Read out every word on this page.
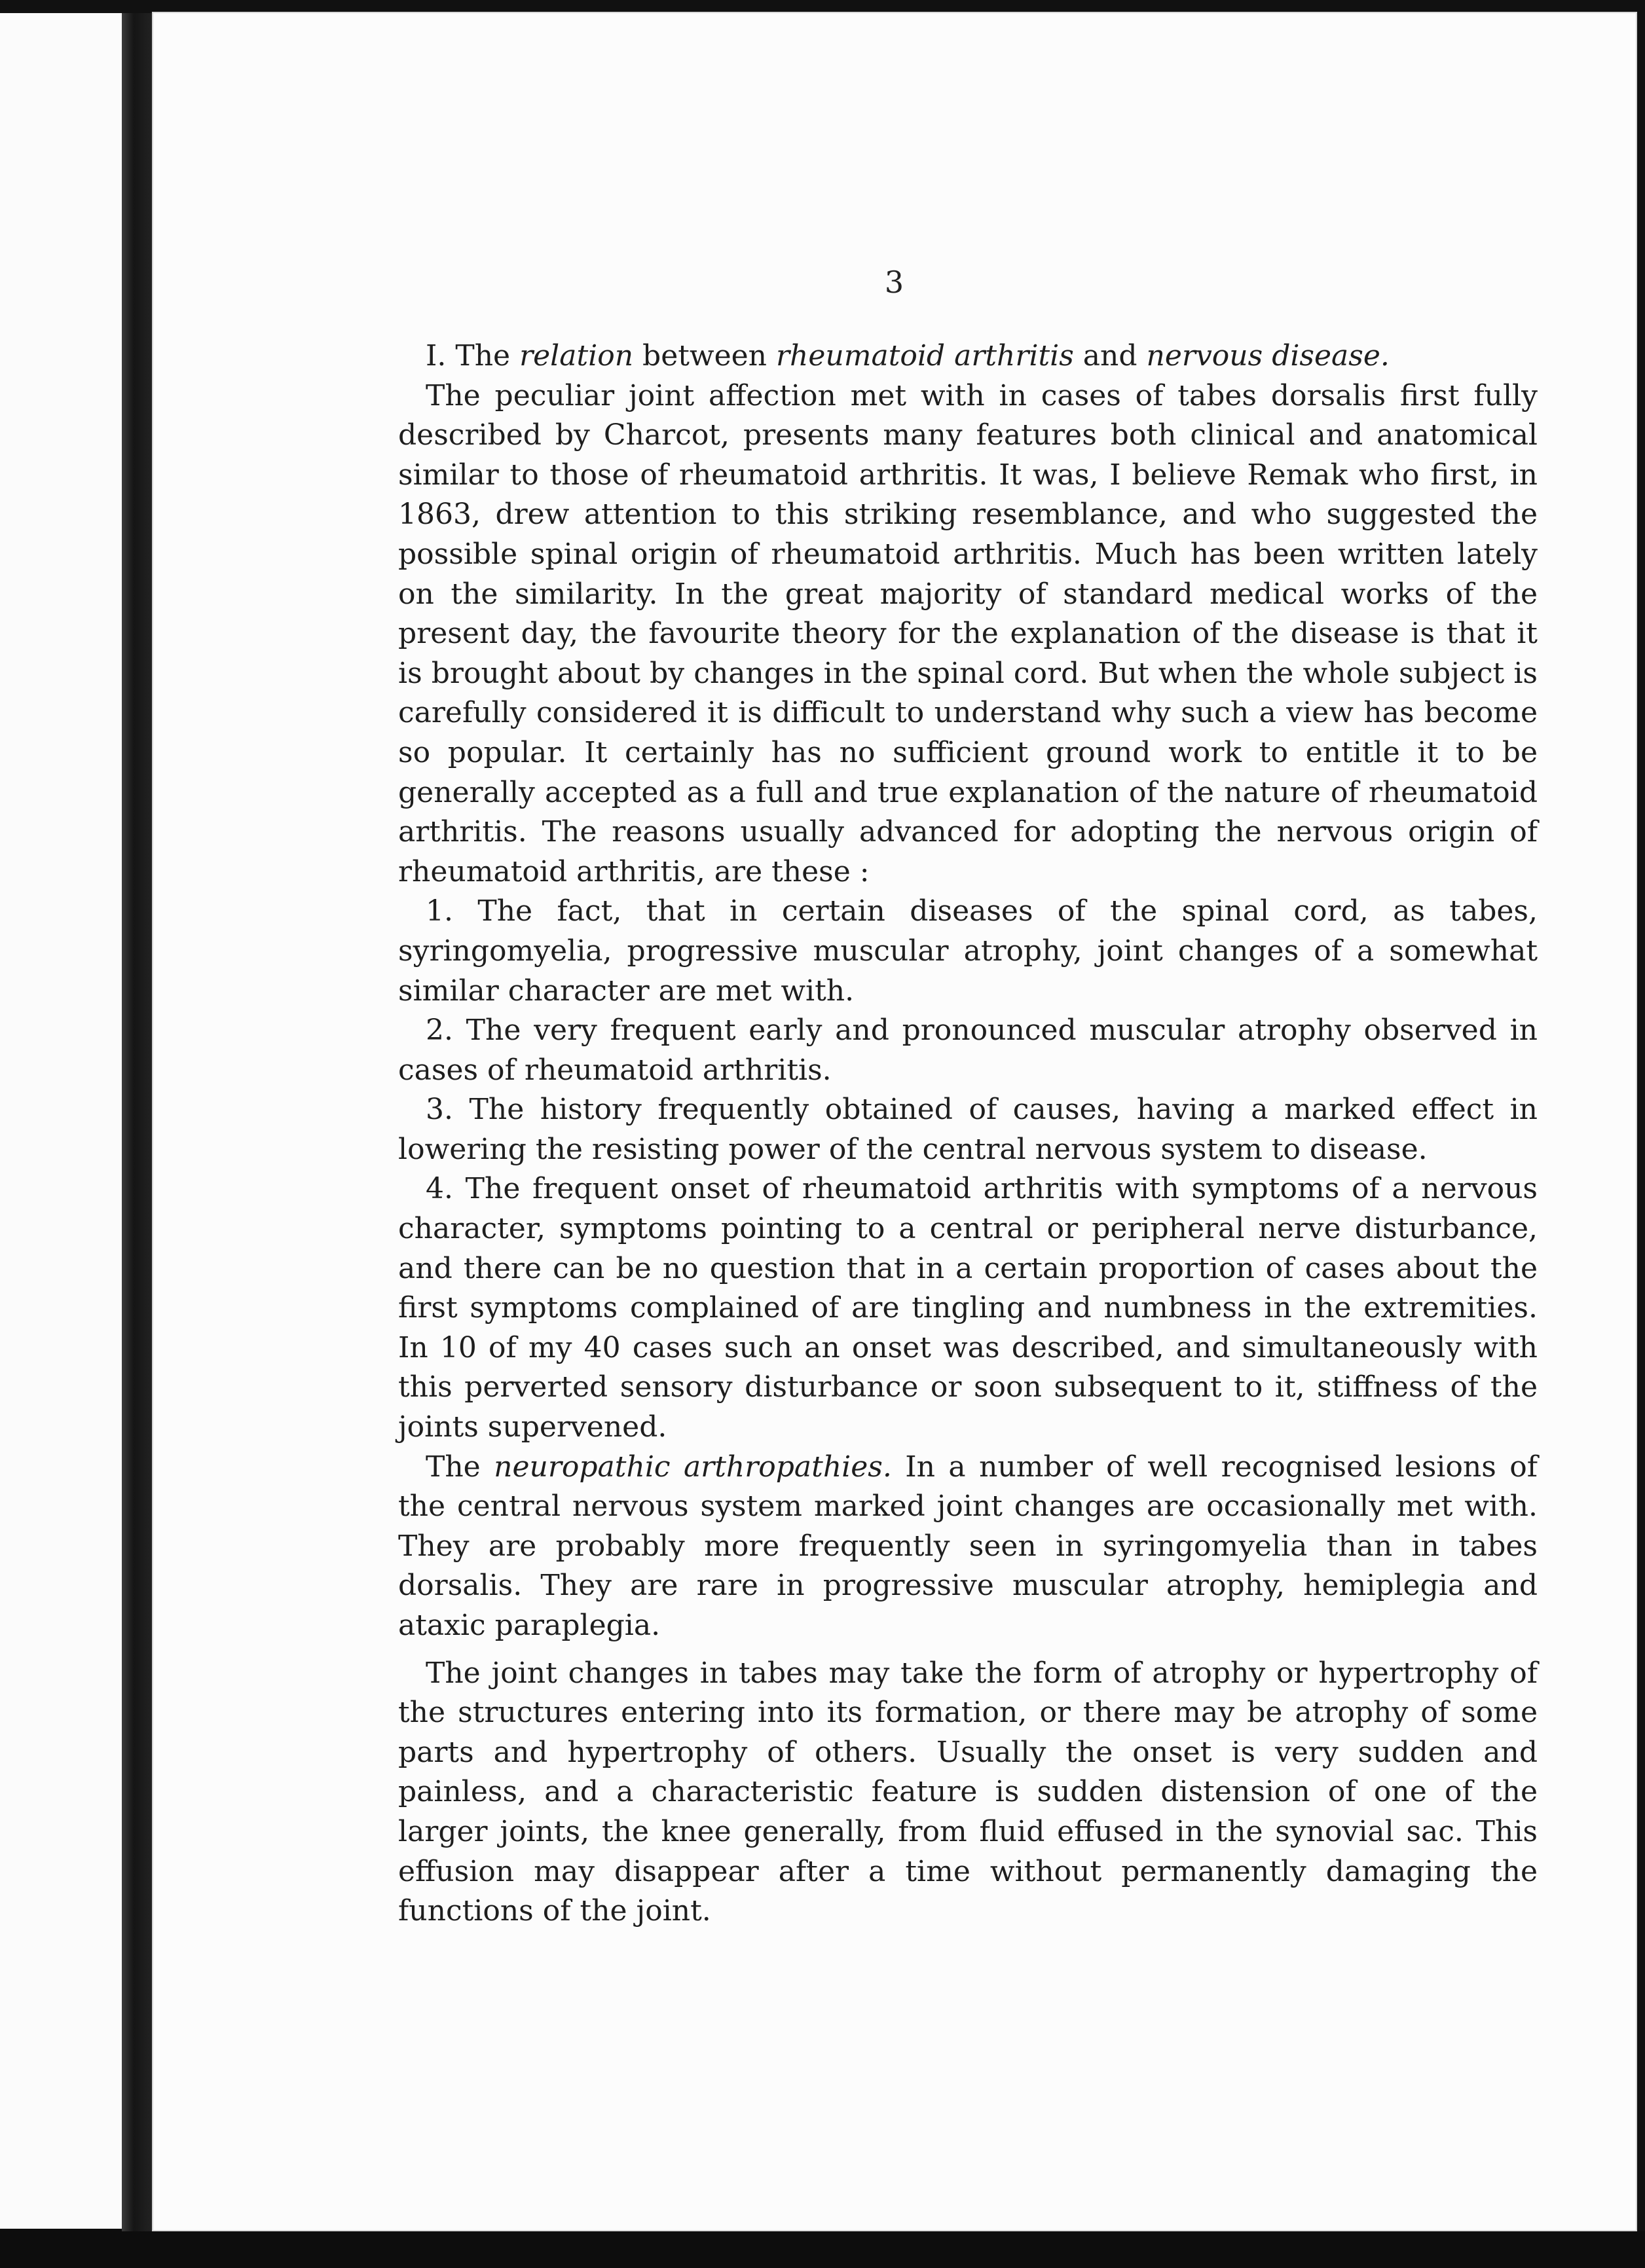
3

I. The relation between rheumatoid arthritis and nervous disease.

The peculiar joint affection met with in cases of tabes dorsalis first fully described by Charcot, presents many features both clinical and anatomical similar to those of rheumatoid arthritis. It was, I believe Remak who first, in 1863, drew attention to this striking resemblance, and who suggested the possible spinal origin of rheumatoid arthritis. Much has been written lately on the similarity. In the great majority of standard medical works of the present day, the favourite theory for the explanation of the disease is that it is brought about by changes in the spinal cord. But when the whole subject is carefully considered it is difficult to understand why such a view has become so popular. It certainly has no sufficient ground work to entitle it to be generally accepted as a full and true explanation of the nature of rheumatoid arthritis. The reasons usually advanced for adopting the nervous origin of rheumatoid arthritis, are these :

1. The fact, that in certain diseases of the spinal cord, as tabes, syringomyelia, progressive muscular atrophy, joint changes of a somewhat similar character are met with.

2. The very frequent early and pronounced muscular atrophy observed in cases of rheumatoid arthritis.

3. The history frequently obtained of causes, having a marked effect in lowering the resisting power of the central nervous system to disease.

4. The frequent onset of rheumatoid arthritis with symptoms of a nervous character, symptoms pointing to a central or peripheral nerve disturbance, and there can be no question that in a certain proportion of cases about the first symptoms complained of are tingling and numbness in the extremities. In 10 of my 40 cases such an onset was described, and simultaneously with this perverted sensory disturbance or soon subsequent to it, stiffness of the joints supervened.

The neuropathic arthropathies. In a number of well recognised lesions of the central nervous system marked joint changes are occasionally met with. They are probably more frequently seen in syringomyelia than in tabes dorsalis. They are rare in progressive muscular atrophy, hemiplegia and ataxic paraplegia.

The joint changes in tabes may take the form of atrophy or hypertrophy of the structures entering into its formation, or there may be atrophy of some parts and hypertrophy of others. Usually the onset is very sudden and painless, and a characteristic feature is sudden distension of one of the larger joints, the knee generally, from fluid effused in the synovial sac. This effusion may disappear after a time without permanently damaging the functions of the joint.
